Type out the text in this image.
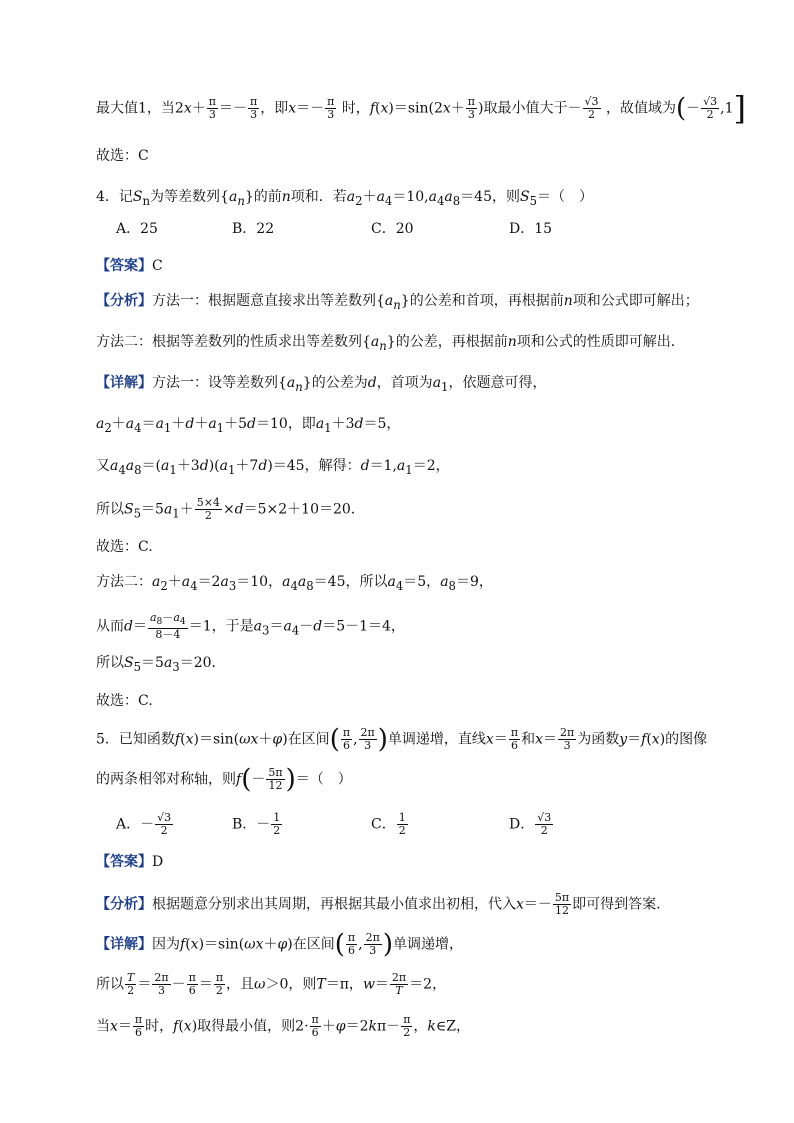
最大值1，当$2x+ \frac{\pi}{3} =- \frac{\pi}{3}$ ，即$x=- \frac{\pi}{3}$ 时，$f(x)=\sin(2x+ \frac{\pi}{3}$ )取最小值大于－ $\frac{√3}{2}$ ，故值域为(－ $\frac{√3}{2} ,1$]
故选：C
4．记$S_n$为等差数列$\{a_n\}$的前n项和．若$a_2+a_4=10,a_4a_8=45$，则$S_5=$（　）
A．25	B．22	C．20	D．15
【答案】C
【分析】方法一：根据题意直接求出等差数列$\{a_n\}$的公差和首项，再根据前n项和公式即可解出；
方法二：根据等差数列的性质求出等差数列$\{a_n\}$的公差，再根据前n项和公式的性质即可解出．
【详解】方法一：设等差数列$\{a_n\}$的公差为d，首项为$a_1$，依题意可得，
$a_2+a_4=a_1+d+a_1+5d=10$，即$a_1+3d=5$，
又$a_4a_8=(a_1+3d)(a_1+7d)=45$，解得：$d=1,a_1=2$，
所以$S_5=5a_1+ \frac{5\times 4}{2} \times d=5\times 2+10=20$．
故选：C.
方法二：$a_2+a_4=2a_3=10$，$a_4a_8=45$，所以$a_4=5$，$a_8=9$，
从而$d= \frac{a_8-a_4}{8-4} =1$，于是$a_3=a_4-d=5-1=4$，
所以$S_5=5a_3=20$．
故选：C.
5．已知函数f(x)＝sin(ωx＋φ)在区间( $\frac{\pi}{6}$ , $\frac{2\pi}{3}$ )单调递增，直线$x= \frac{\pi}{6}$ 和$x= \frac{2\pi}{3}$ 为函数y＝f(x)的图像
的两条相邻对称轴，则$f(- \frac{5\pi}{12}$ )＝（　）
A．－ $\frac{√3}{2}$	B．－ $\frac{1}{2}$	C． $\frac{1}{2}$	D． $\frac{√3}{2}$
【答案】D
【分析】根据题意分别求出其周期，再根据其最小值求出初相，代入$x=- \frac{5\pi}{12}$ 即可得到答案.
【详解】因为f(x)＝sin(ωx＋φ)在区间( $\frac{\pi}{6}$ , $\frac{2\pi}{3}$ )单调递增，
所以 $\frac{T}{2} = \frac{2\pi}{3} - \frac{\pi}{6} = \frac{\pi}{2}$ ，且ω＞0，则T＝π，$w= \frac{2\pi}{T} =2$，
当$x= \frac{\pi}{6}$ 时，f(x)取得最小值，则$2\cdot \frac{\pi}{6} +\varphi=2k\pi- \frac{\pi}{2}$ ，k∈Z，
